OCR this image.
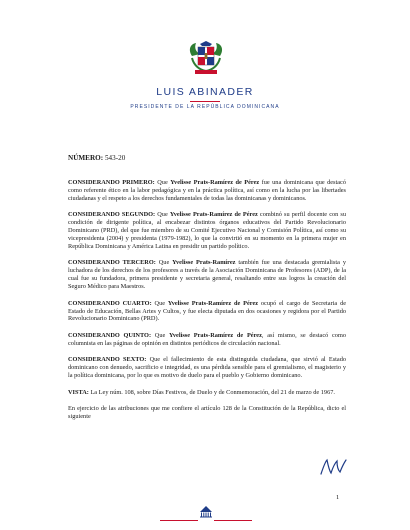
LUIS ABINADER
PRESIDENTE DE LA REPÚBLICA DOMINICANA

NÚMERO: 543-20

CONSIDERANDO PRIMERO: Que Yvelisse Prats-Ramírez de Pérez fue una dominicana que destacó como referente ético en la labor pedagógica y en la práctica política, así como en la lucha por las libertades ciudadanas y el respeto a los derechos fundamentales de todas las dominicanas y dominicanos.

CONSIDERANDO SEGUNDO: Que Yvelisse Prats-Ramírez de Pérez combinó su perfil docente con su condición de dirigente política, al encabezar distintos órganos educativos del Partido Revolucionario Dominicano (PRD), del que fue miembro de su Comité Ejecutivo Nacional y Comisión Política, así como su vicepresidenta (2004) y presidenta (1979-1982), lo que la convirtió en su momento en la primera mujer en República Dominicana y América Latina en presidir un partido político.

CONSIDERANDO TERCERO: Que Yvelisse Prats-Ramírez también fue una destacada gremialista y luchadora de los derechos de los profesores a través de la Asociación Dominicana de Profesores (ADP), de la cual fue su fundadora, primera presidente y secretaria general, resaltando entre sus logros la creación del Seguro Médico para Maestros.

CONSIDERANDO CUARTO: Que Yvelisse Prats-Ramírez de Pérez ocupó el cargo de Secretaria de Estado de Educación, Bellas Artes y Cultos, y fue electa diputada en dos ocasiones y regidora por el Partido Revolucionario Dominicano (PRD).

CONSIDERANDO QUINTO: Que Yvelisse Prats-Ramírez de Pérez, así mismo, se destacó como columnista en las páginas de opinión en distintos periódicos de circulación nacional.

CONSIDERANDO SEXTO: Que el fallecimiento de esta distinguida ciudadana, que sirvió al Estado dominicano con denuedo, sacrificio e integridad, es una pérdida sensible para el gremialismo, el magisterio y la política dominicana, por lo que es motivo de duelo para el pueblo y Gobierno dominicano.

VISTA: La Ley núm. 108, sobre Días Festivos, de Duelo y de Conmemoración, del 21 de marzo de 1967.

En ejercicio de las atribuciones que me confiere el artículo 128 de la Constitución de la República, dicto el siguiente

1
